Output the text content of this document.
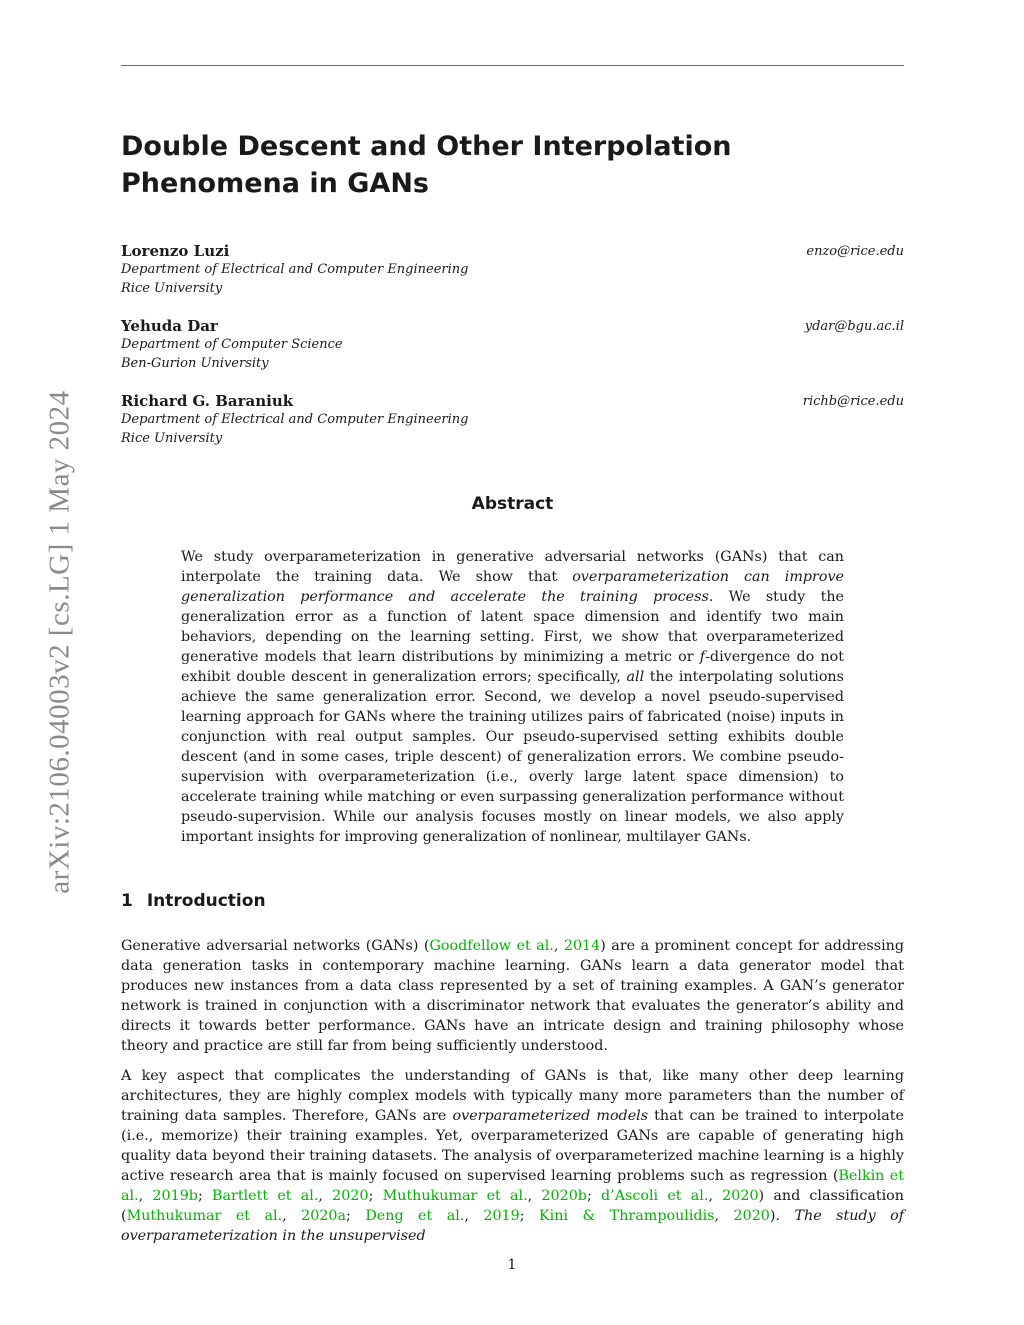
arXiv:2106.04003v2 [cs.LG] 1 May 2024
Double Descent and Other Interpolation
Phenomena in GANs
Lorenzo Luzi	enzo@rice.edu
Department of Electrical and Computer Engineering
Rice University
Yehuda Dar	ydar@bgu.ac.il
Department of Computer Science
Ben-Gurion University
Richard G. Baraniuk	richb@rice.edu
Department of Electrical and Computer Engineering
Rice University
Abstract

We study overparameterization in generative adversarial networks (GANs) that can interpolate the training data. We show that overparameterization can improve generalization performance and accelerate the training process. We study the generalization error as a function of latent space dimension and identify two main behaviors, depending on the learning setting. First, we show that overparameterized generative models that learn distributions by minimizing a metric or f-divergence do not exhibit double descent in generalization errors; specifically, all the interpolating solutions achieve the same generalization error. Second, we develop a novel pseudo-supervised learning approach for GANs where the training utilizes pairs of fabricated (noise) inputs in conjunction with real output samples. Our pseudo-supervised setting exhibits double descent (and in some cases, triple descent) of generalization errors. We combine pseudo-supervision with overparameterization (i.e., overly large latent space dimension) to accelerate training while matching or even surpassing generalization performance without pseudo-supervision. While our analysis focuses mostly on linear models, we also apply important insights for improving generalization of nonlinear, multilayer GANs.

1 Introduction

Generative adversarial networks (GANs) (Goodfellow et al., 2014) are a prominent concept for addressing data generation tasks in contemporary machine learning. GANs learn a data generator model that produces new instances from a data class represented by a set of training examples. A GAN’s generator network is trained in conjunction with a discriminator network that evaluates the generator’s ability and directs it towards better performance. GANs have an intricate design and training philosophy whose theory and practice are still far from being sufficiently understood.

A key aspect that complicates the understanding of GANs is that, like many other deep learning architectures, they are highly complex models with typically many more parameters than the number of training data samples. Therefore, GANs are overparameterized models that can be trained to interpolate (i.e., memorize) their training examples. Yet, overparameterized GANs are capable of generating high quality data beyond their training datasets. The analysis of overparameterized machine learning is a highly active research area that is mainly focused on supervised learning problems such as regression (Belkin et al., 2019b; Bartlett et al., 2020; Muthukumar et al., 2020b; d’Ascoli et al., 2020) and classification (Muthukumar et al., 2020a; Deng et al., 2019; Kini & Thrampoulidis, 2020). The study of overparameterization in the unsupervised

1
